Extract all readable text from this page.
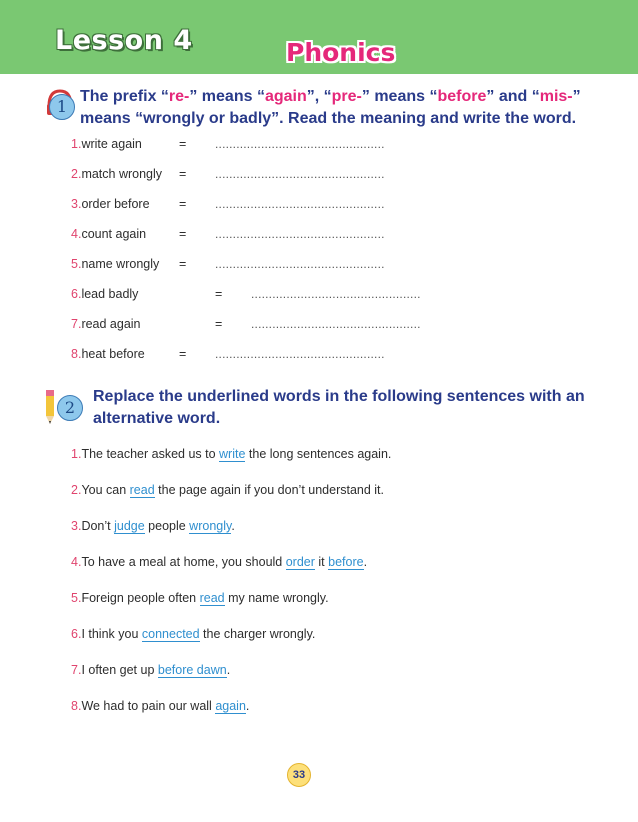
Lesson 4	Phonics
1
The prefix “re-” means “again”, “pre-” means “before” and “mis-”
means “wrongly or badly”. Read the meaning and write the word.
1.write again	= ................................................
2.match wrongly = ................................................
3.order before = ................................................
4.count again	= ................................................
5.name wrongly = ................................................
6.lead badly	= ................................................
7.read again	= ................................................
8.heat before	= ................................................
2
Replace the underlined words in the following sentences with an
alternative word.
1.The teacher asked us to write the long sentences again.
2.You can read the page again if you don’t understand it.
3.Don’t judge people wrongly.
4.To have a meal at home, you should order it before.
5.Foreign people often read my name wrongly.
6.I think you connected the charger wrongly.
7.I often get up before dawn.
8.We had to pain our wall again.
33
